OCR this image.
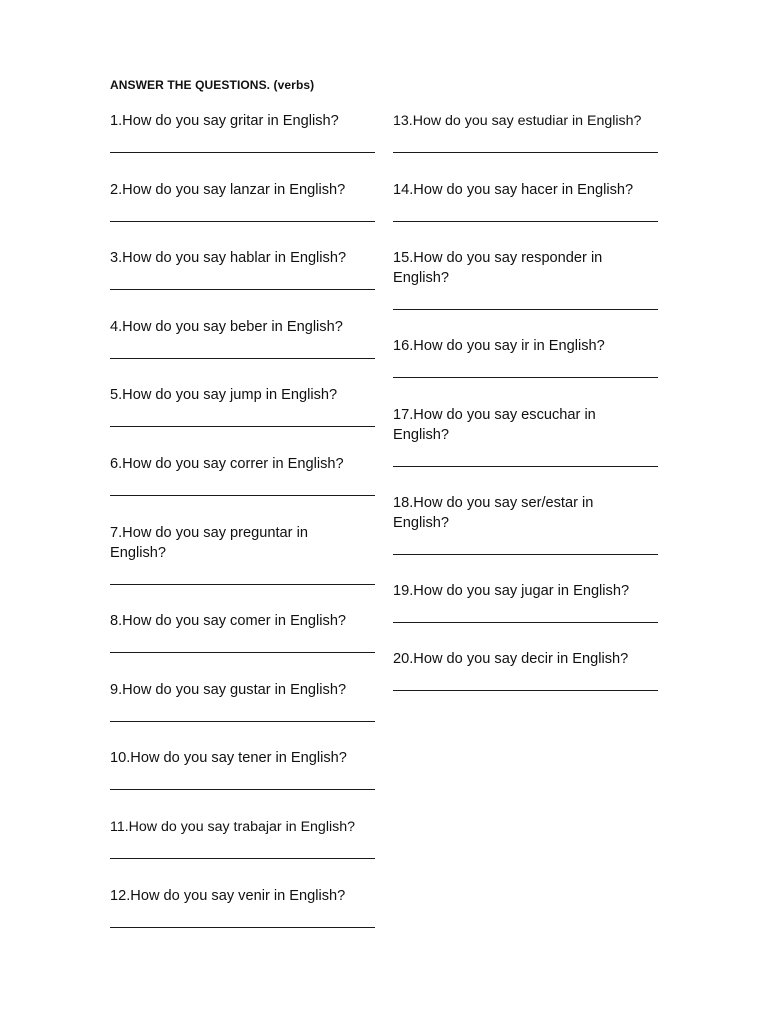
ANSWER THE QUESTIONS. (verbs)
1.How do you say gritar in English?
2.How do you say lanzar in English?
3.How do you say hablar in English?
4.How do you say beber in English?
5.How do you say jump in English?
6.How do you say correr in English?
7.How do you say preguntar in English?
8.How do you say comer in English?
9.How do you say gustar in English?
10.How do you say tener in English?
11.How do you say trabajar in English?
12.How do you say venir in English?
13.How do you say estudiar in English?
14.How do you say hacer in English?
15.How do you say responder in English?
16.How do you say ir in English?
17.How do you say escuchar in English?
18.How do you say ser/estar in English?
19.How do you say jugar in English?
20.How do you say decir in English?
